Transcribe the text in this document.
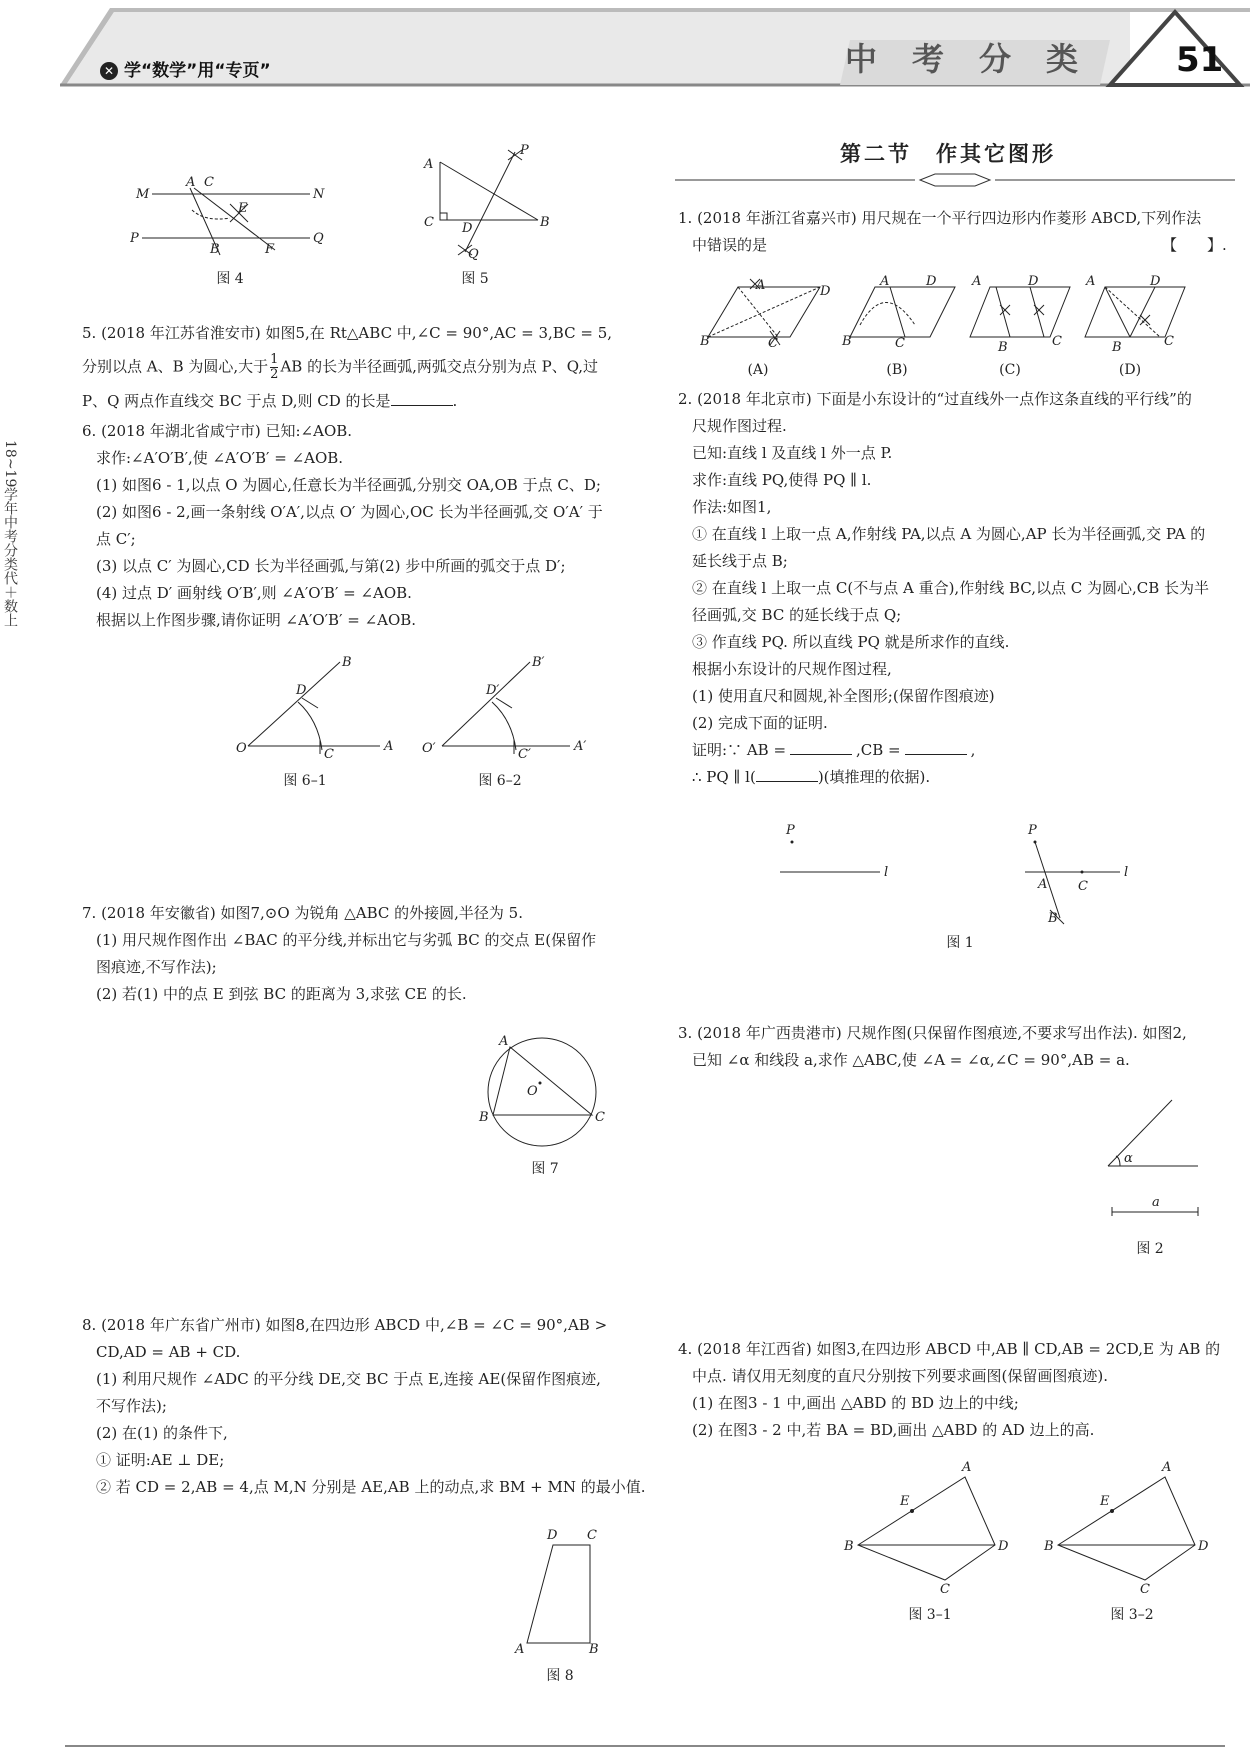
✕ 学“数学”用“专页”	中 考 分 类	51
18~19学年中考分类代＋数上
M	N
P	Q
A C
E
B	F
图 4
A
P
C	B
D
Q
图 5
5. (2018 年江苏省淮安市) 如图5,在 Rt△ABC 中,∠C = 90°,AC = 3,BC = 5,
分别以点 A、B 为圆心,大于 $\frac{1}{2}$ AB 的长为半径画弧,两弧交点分别为点 P、Q,过
P、Q 两点作直线交 BC 于点 D,则 CD 的长是	.
6. (2018 年湖北省咸宁市) 已知:∠AOB.
求作:∠A′O′B′,使 ∠A′O′B′ = ∠AOB.
(1) 如图6 - 1,以点 O 为圆心,任意长为半径画弧,分别交 OA,OB 于点 C、D;
(2) 如图6 - 2,画一条射线 O′A′,以点 O′ 为圆心,OC 长为半径画弧,交 O′A′ 于
点 C′;
(3) 以点 C′ 为圆心,CD 长为半径画弧,与第(2) 步中所画的弧交于点 D′;
(4) 过点 D′ 画射线 O′B′,则 ∠A′O′B′ = ∠AOB.
根据以上作图步骤,请你证明 ∠A′O′B′ = ∠AOB.
O	A
B
D
C
图 6–1
O′	A′
B′
D′
C′
图 6–2
7. (2018 年安徽省) 如图7,⊙O 为锐角 △ABC 的外接圆,半径为 5.
(1) 用尺规作图作出 ∠BAC 的平分线,并标出它与劣弧 BC 的交点 E(保留作
图痕迹,不写作法);
(2) 若(1) 中的点 E 到弦 BC 的距离为 3,求弦 CE 的长.
A
B	C
O
图 7
8. (2018 年广东省广州市) 如图8,在四边形 ABCD 中,∠B = ∠C = 90°,AB >
CD,AD = AB + CD.
(1) 利用尺规作 ∠ADC 的平分线 DE,交 BC 于点 E,连接 AE(保留作图痕迹,
不写作法);
(2) 在(1) 的条件下,
① 证明:AE ⊥ DE;
② 若 CD = 2,AB = 4,点 M,N 分别是 AE,AB 上的动点,求 BM + MN 的最小值.
D C
A	B
图 8
第二节　作其它图形
1. (2018 年浙江省嘉兴市) 用尺规在一个平行四边形内作菱形 ABCD,下列作法
中错误的是	【　　】.
B
A	D
C	B
A	D
C
A	D
B	C
A	D
B	C
(A)	(B)	(C)	(D)
2. (2018 年北京市) 下面是小东设计的“过直线外一点作这条直线的平行线”的
尺规作图过程.
已知:直线 l 及直线 l 外一点 P.
求作:直线 PQ,使得 PQ ∥ l.
作法:如图1,
① 在直线 l 上取一点 A,作射线 PA,以点 A 为圆心,AP 长为半径画弧,交 PA 的
延长线于点 B;
② 在直线 l 上取一点 C(不与点 A 重合),作射线 BC,以点 C 为圆心,CB 长为半
径画弧,交 BC 的延长线于点 Q;
③ 作直线 PQ. 所以直线 PQ 就是所求作的直线.
根据小东设计的尺规作图过程,
(1) 使用直尺和圆规,补全图形;(保留作图痕迹)
(2) 完成下面的证明.
证明:∵ AB =	,CB =	,
∴ PQ ∥ l(	)(填推理的依据).
P
l
P
l
A C
B
图 1
3. (2018 年广西贵港市) 尺规作图(只保留作图痕迹,不要求写出作法). 如图2,
已知 ∠α 和线段 a,求作 △ABC,使 ∠A = ∠α,∠C = 90°,AB = a.
α
a
图 2
4. (2018 年江西省) 如图3,在四边形 ABCD 中,AB ∥ CD,AB = 2CD,E 为 AB 的
中点. 请仅用无刻度的直尺分别按下列要求画图(保留画图痕迹).
(1) 在图3 - 1 中,画出 △ABD 的 BD 边上的中线;
(2) 在图3 - 2 中,若 BA = BD,画出 △ABD 的 AD 边上的高.
B
A
D
C
E
图 3–1
B
A
D
C
E
图 3–2
